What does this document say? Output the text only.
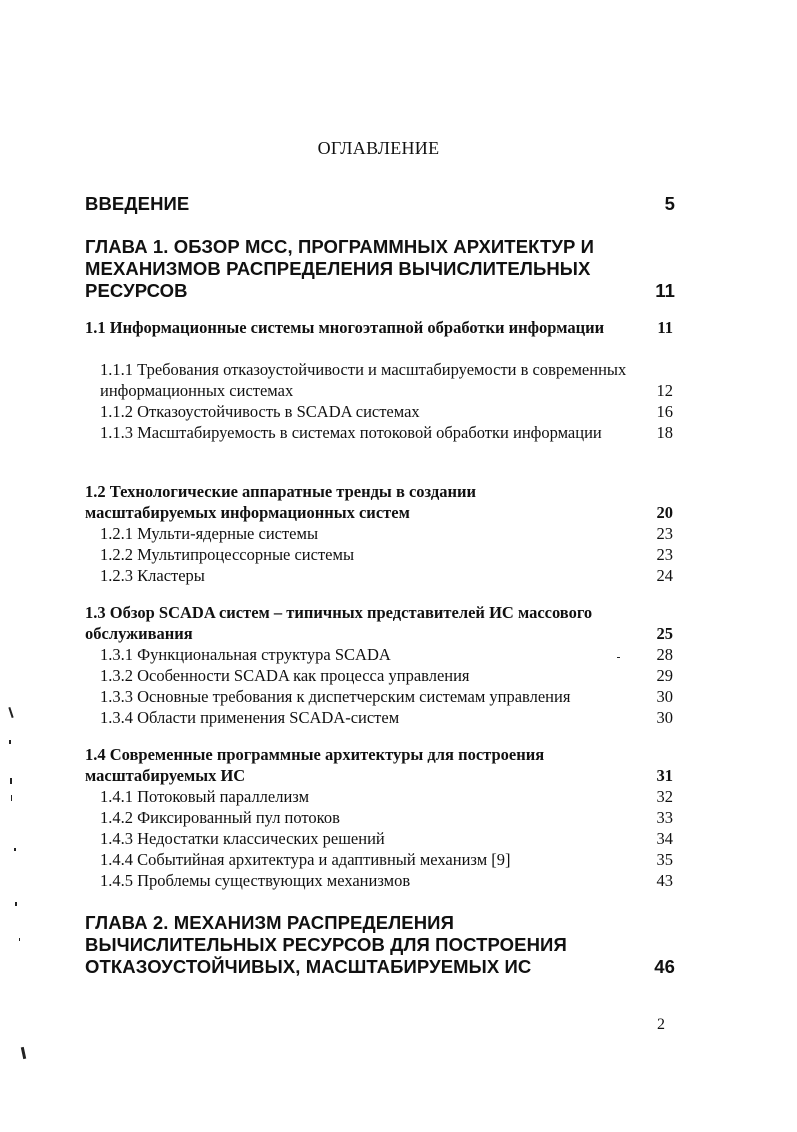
ОГЛАВЛЕНИЕ
ВВЕДЕНИЕ	5
ГЛАВА 1. ОБЗОР МСС, ПРОГРАММНЫХ АРХИТЕКТУР И МЕХАНИЗМОВ РАСПРЕДЕЛЕНИЯ ВЫЧИСЛИТЕЛЬНЫХ РЕСУРСОВ	11
1.1 Информационные системы многоэтапной обработки информации	11
1.1.1 Требования отказоустойчивости и масштабируемости в современных информационных системах	12
1.1.2 Отказоустойчивость в SCADA системах	16
1.1.3 Масштабируемость в системах потоковой обработки информации	18
1.2 Технологические аппаратные тренды в создании масштабируемых информационных систем	20
1.2.1 Мульти-ядерные системы	23
1.2.2 Мультипроцессорные системы	23
1.2.3 Кластеры	24
1.3 Обзор SCADA систем – типичных представителей ИС массового обслуживания	25
1.3.1 Функциональная структура SCADA	28
1.3.2 Особенности SCADA как процесса управления	29
1.3.3 Основные требования к диспетчерским системам управления	30
1.3.4 Области применения SCADA-систем	30
1.4 Современные программные архитектуры для построения масштабируемых ИС	31
1.4.1 Потоковый параллелизм	32
1.4.2 Фиксированный пул потоков	33
1.4.3 Недостатки классических решений	34
1.4.4 Событийная архитектура и адаптивный механизм [9]	35
1.4.5 Проблемы существующих механизмов	43
ГЛАВА 2. МЕХАНИЗМ РАСПРЕДЕЛЕНИЯ ВЫЧИСЛИТЕЛЬНЫХ РЕСУРСОВ ДЛЯ ПОСТРОЕНИЯ ОТКАЗОУСТОЙЧИВЫХ, МАСШТАБИРУЕМЫХ ИС	46
2
